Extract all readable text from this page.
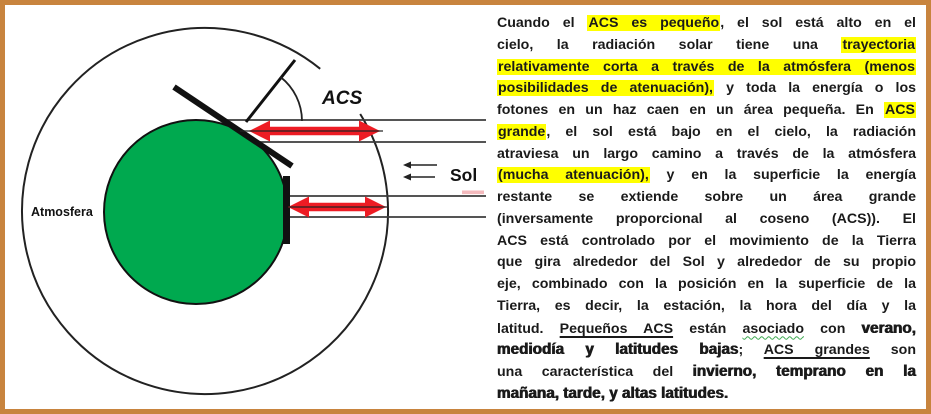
Atmosfera
ACS
Sol
Cuando el ACS es pequeño, el sol está alto en el
cielo, la radiación solar tiene una trayectoria
relativamente corta a través de la atmósfera (menos
posibilidades de atenuación), y toda la energía o los
fotones en un haz caen en un área pequeña. En ACS
grande, el sol está bajo en el cielo, la radiación
atraviesa un largo camino a través de la atmósfera
(mucha atenuación), y en la superficie la energía
restante se extiende sobre un área grande
(inversamente proporcional al coseno (ACS)). El
ACS está controlado por el movimiento de la Tierra
que gira alrededor del Sol y alrededor de su propio
eje, combinado con la posición en la superficie de la
Tierra, es decir, la estación, la hora del día y la
latitud. Pequeños ACS están asociado con verano,
mediodía y latitudes bajas; ACS grandes son
una característica del invierno, temprano en la
mañana, tarde, y altas latitudes.
